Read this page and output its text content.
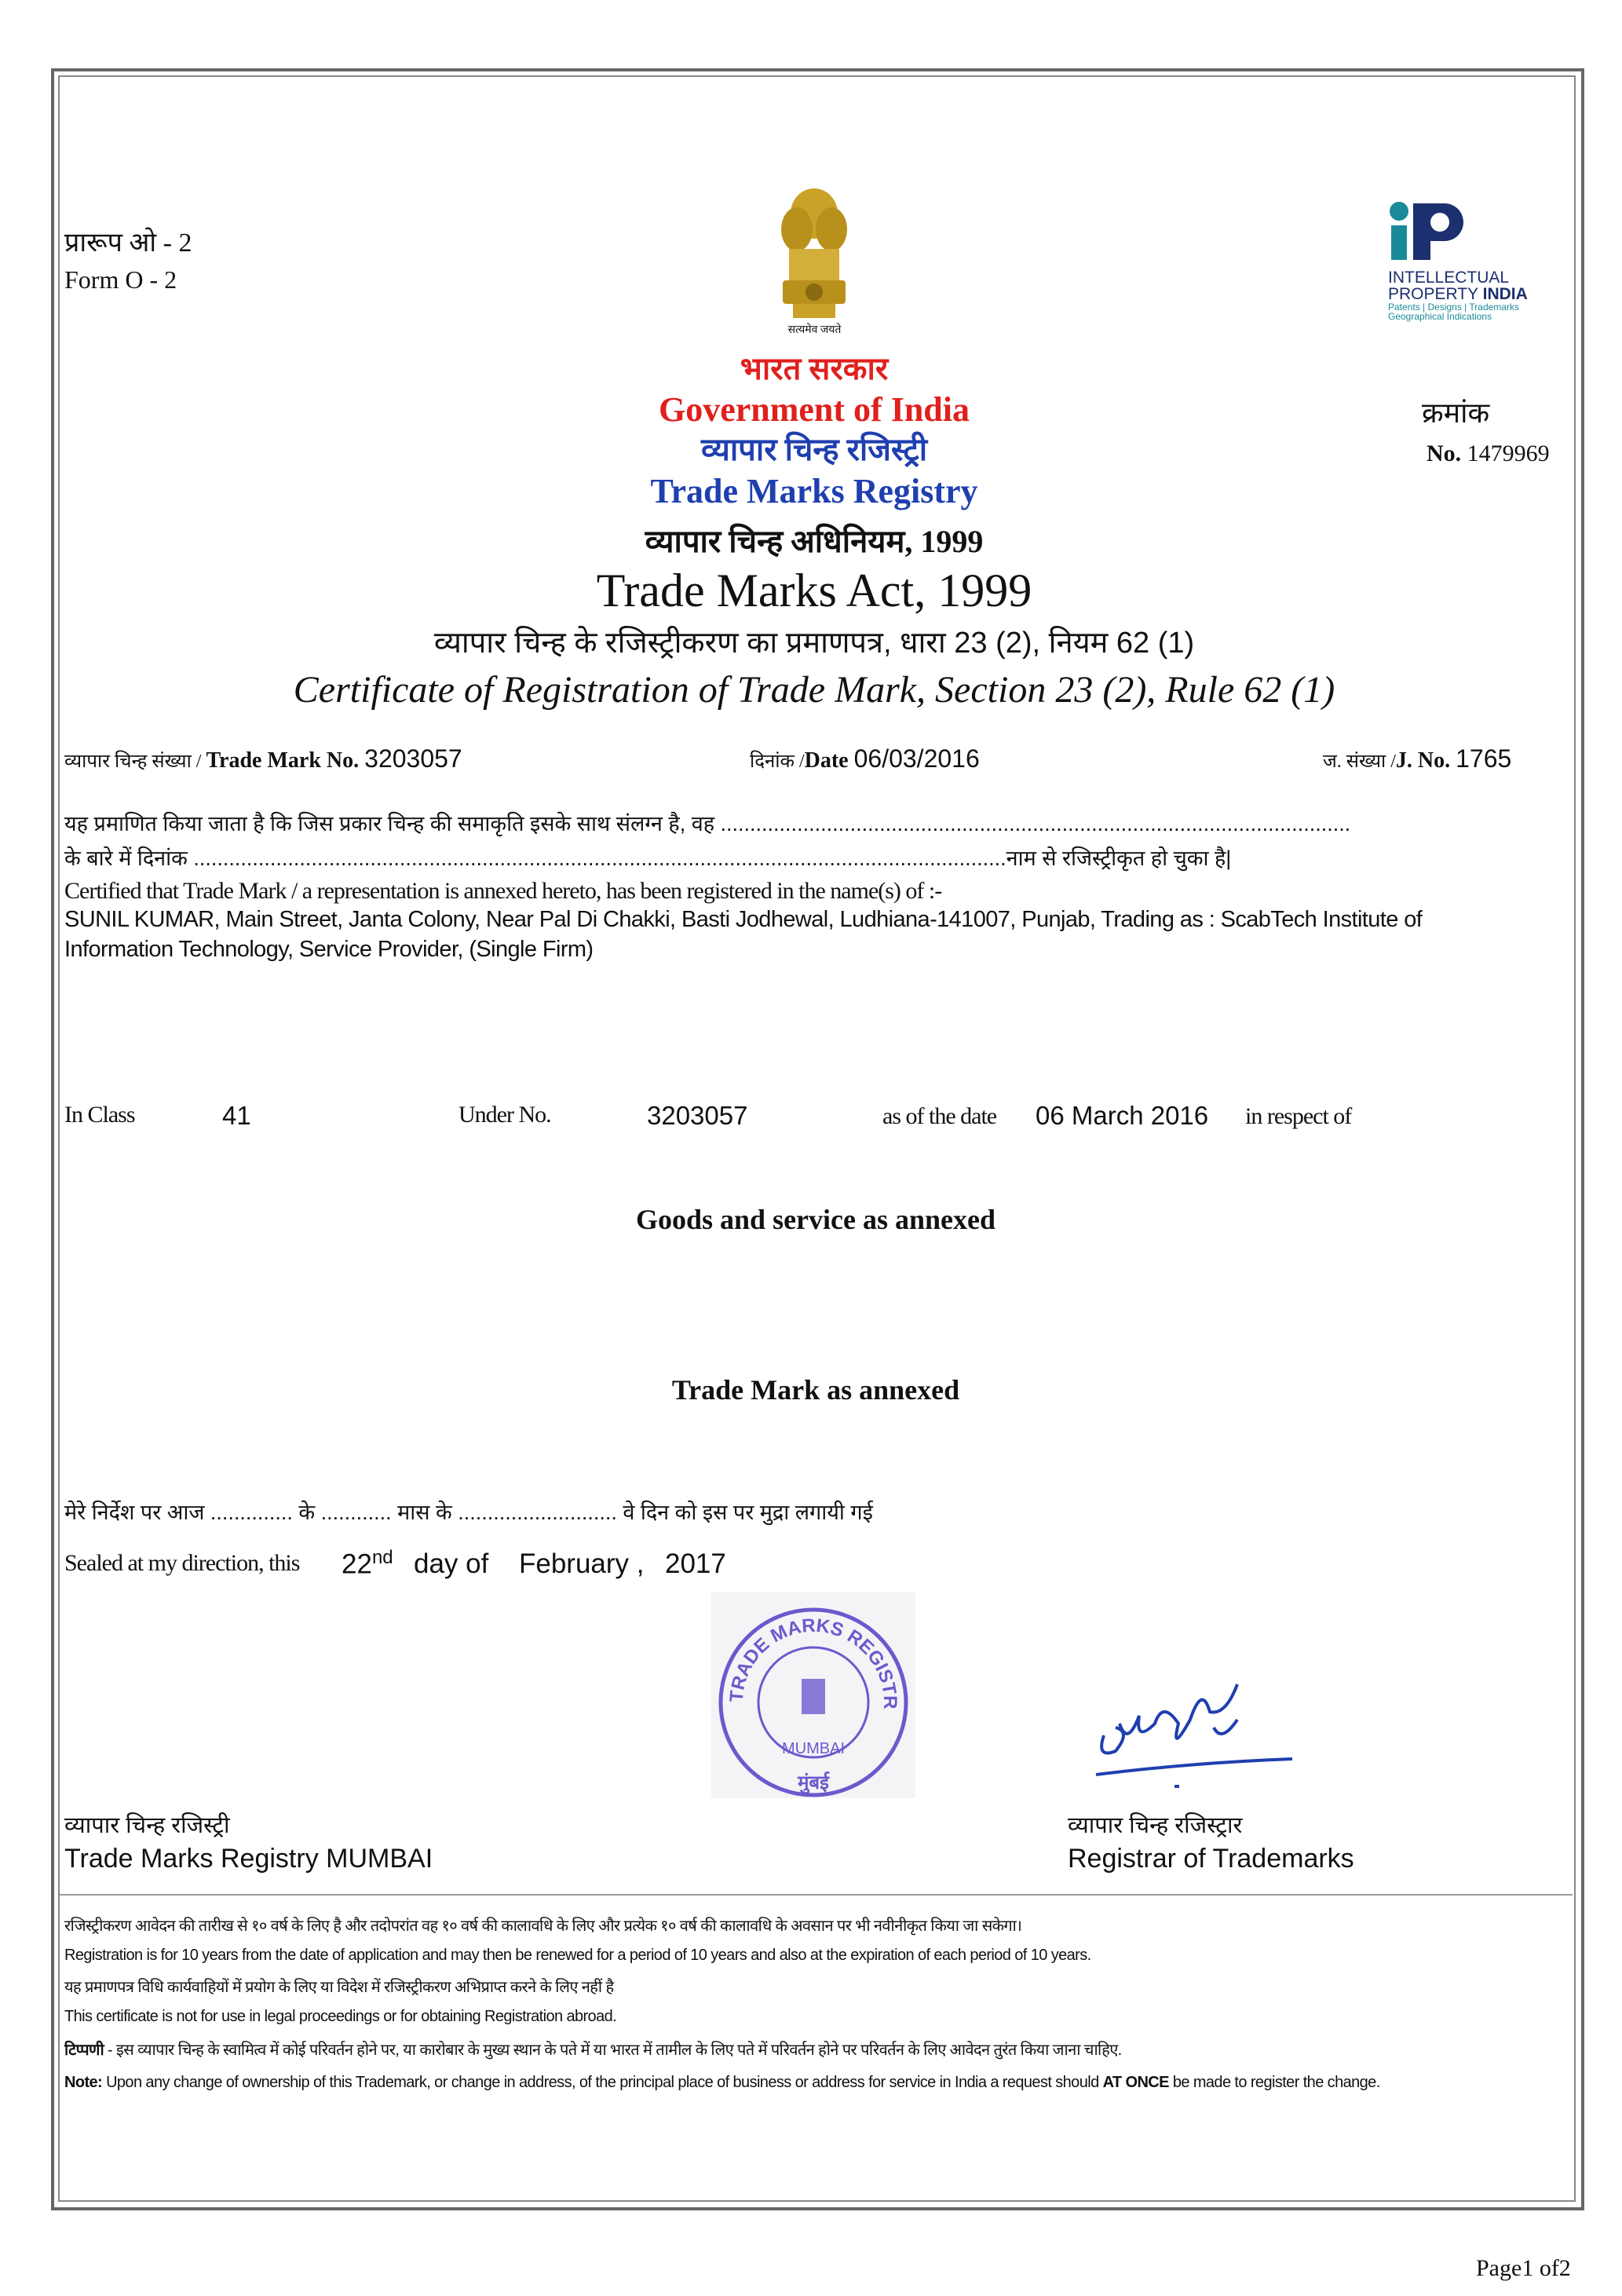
प्रारूप ओ - 2
Form O - 2
सत्यमेव जयते
INTELLECTUAL
PROPERTY INDIA
Patents | Designs | Trademarks
Geographical Indications
भारत सरकार
Government of India
व्यापार चिन्ह रजिस्ट्री
Trade Marks Registry
व्यापार चिन्ह अधिनियम, 1999
Trade Marks Act, 1999
व्यापार चिन्ह के रजिस्ट्रीकरण का प्रमाणपत्र, धारा 23 (2), नियम 62 (1)
Certificate of Registration of Trade Mark, Section 23 (2), Rule 62 (1)
क्रमांक
No. 1479969
व्यापार चिन्ह संख्या / Trade Mark No. 3203057	दिनांक /Date 06/03/2016	ज. संख्या /J. No. 1765
यह प्रमाणित किया जाता है कि जिस प्रकार चिन्ह की समाकृति इसके साथ संलग्न है, वह ...........................................................................................................
के बारे में दिनांक ..........................................................................................................................................नाम से रजिस्ट्रीकृत हो चुका है|
Certified that Trade Mark / a representation is annexed hereto, has been registered in the name(s) of :-
SUNIL KUMAR, Main Street, Janta Colony, Near Pal Di Chakki, Basti Jodhewal, Ludhiana-141007, Punjab, Trading as : ScabTech Institute of
Information Technology, Service Provider, (Single Firm)
In Class	41	Under No.	3203057	as of the date 06 March 2016 in respect of
Goods and service as annexed
Trade Mark as annexed
मेरे निर्देश पर आज .............. के ............ मास के ........................... वे दिन को इस पर मुद्रा लगायी गई
Sealed at my direction, this 22nd day of February , 2017
TRADE MARKS REGISTR
MUMBAI
मुंबई
व्यापार चिन्ह रजिस्ट्री
Trade Marks Registry MUMBAI
व्यापार चिन्ह रजिस्ट्रार
Registrar of Trademarks
रजिस्ट्रीकरण आवेदन की तारीख से १० वर्ष के लिए है और तदोपरांत वह १० वर्ष की कालावधि के लिए और प्रत्येक १० वर्ष की कालावधि के अवसान पर भी नवीनीकृत किया जा सकेगा।
Registration is for 10 years from the date of application and may then be renewed for a period of 10 years and also at the expiration of each period of 10 years.
यह प्रमाणपत्र विधि कार्यवाहियों में प्रयोग के लिए या विदेश में रजिस्ट्रीकरण अभिप्राप्त करने के लिए नहीं है
This certificate is not for use in legal proceedings or for obtaining Registration abroad.
टिप्पणी - इस व्यापार चिन्ह के स्वामित्व में कोई परिवर्तन होने पर, या कारोबार के मुख्य स्थान के पते में या भारत में तामील के लिए पते में परिवर्तन होने पर परिवर्तन के लिए आवेदन तुरंत किया जाना चाहिए.
Note: Upon any change of ownership of this Trademark, or change in address, of the principal place of business or address for service in India a request should AT ONCE be made to register the change.
Page1 of2
